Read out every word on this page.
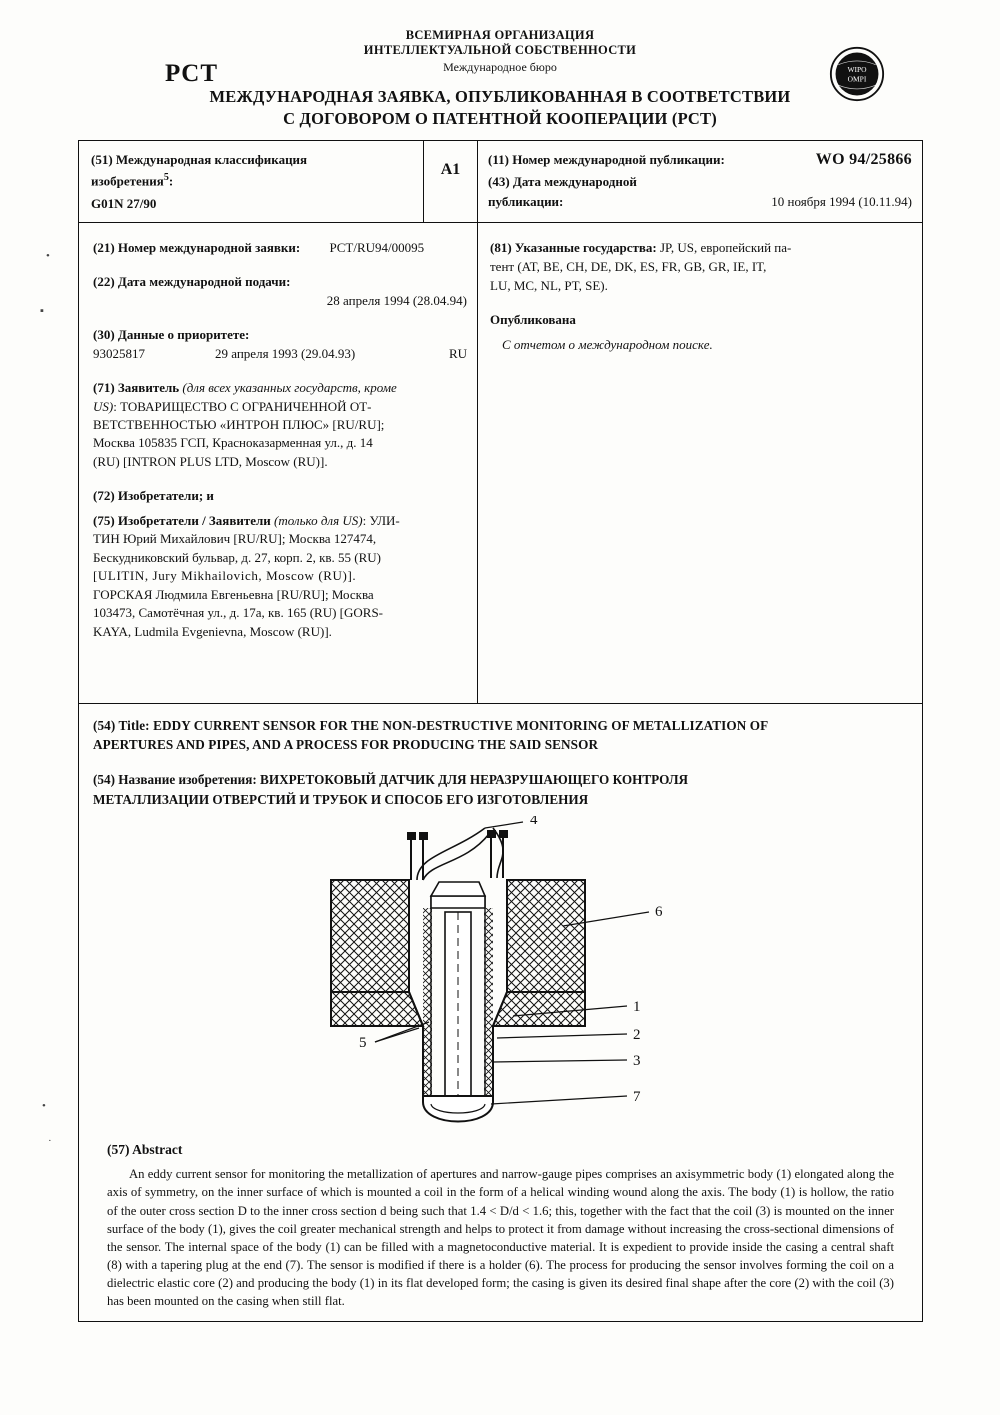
PCT
ВСЕМИРНАЯ ОРГАНИЗАЦИЯ
ИНТЕЛЛЕКТУАЛЬНОЙ СОБСТВЕННОСТИ
Международное бюро
МЕЖДУНАРОДНАЯ ЗАЯВКА, ОПУБЛИКОВАННАЯ В СООТВЕТСТВИИ
С ДОГОВОРОМ О ПАТЕНТНОЙ КООПЕРАЦИИ (PCT)
WIPO
OMPI
•
▪
•
·
(51) Международная классификация
изобретения$^5$:
G01N 27/90
A1
(11) Номер международной публикации:	WO 94/25866
(43) Дата международной
публикации:	10 ноября 1994 (10.11.94)
(21) Номер международной заявки: PCT/RU94/00095
(22) Дата международной подачи:
28 апреля 1994 (28.04.94)
(30) Данные о приоритете:
93025817	29 апреля 1993 (29.04.93)	RU
(71) Заявитель (для всех указанных государств, кроме
US): ТОВАРИЩЕСТВО С ОГРАНИЧЕННОЙ ОТ-
ВЕТСТВЕННОСТЬЮ «ИНТРОН ПЛЮС» [RU/RU];
Москва 105835 ГСП, Красноказарменная ул., д. 14
(RU) [INTRON PLUS LTD, Moscow (RU)].
(72) Изобретатели; и
(75) Изобретатели / Заявители (только для US): УЛИ-
ТИН Юрий Михайлович [RU/RU]; Москва 127474,
Бескудниковский бульвар, д. 27, корп. 2, кв. 55 (RU)
[ULITIN, Jury Mikhailovich, Moscow (RU)].
ГОРСКАЯ Людмила Евгеньевна [RU/RU]; Москва
103473, Самотёчная ул., д. 17а, кв. 165 (RU) [GORS-
KAYA, Ludmila Evgenievna, Moscow (RU)].
(81) Указанные государства: JP, US, европейский па-
тент (AT, BE, CH, DE, DK, ES, FR, GB, GR, IE, IT,
LU, MC, NL, PT, SE).
Опубликована
С отчетом о международном поиске.
(54) Title: EDDY CURRENT SENSOR FOR THE NON-DESTRUCTIVE MONITORING OF METALLIZATION OF
APERTURES AND PIPES, AND A PROCESS FOR PRODUCING THE SAID SENSOR
(54) Название изобретения: ВИХРЕТОКОВЫЙ ДАТЧИК ДЛЯ НЕРАЗРУШАЮЩЕГО КОНТРОЛЯ
МЕТАЛЛИЗАЦИИ ОТВЕРСТИЙ И ТРУБОК И СПОСОБ ЕГО ИЗГОТОВЛЕНИЯ
4
6
1
2
3
7
5
(57) Abstract

An eddy current sensor for monitoring the metallization of apertures and narrow-gauge pipes comprises an axisymmetric body (1) elongated along the axis of symmetry, on the inner surface of which is mounted a coil in the form of a helical winding wound along the axis. The body (1) is hollow, the ratio of the outer cross section D to the inner cross section d being such that 1.4 < D/d < 1.6; this, together with the fact that the coil (3) is mounted on the inner surface of the body (1), gives the coil greater mechanical strength and helps to protect it from damage without increasing the cross-sectional dimensions of the sensor. The internal space of the body (1) can be filled with a magnetoconductive material. It is expedient to provide inside the casing a central shaft (8) with a tapering plug at the end (7). The sensor is modified if there is a holder (6). The process for producing the sensor involves forming the coil on a dielectric elastic core (2) and producing the body (1) in its flat developed form; the casing is given its desired final shape after the core (2) with the coil (3) has been mounted on the casing when still flat.
